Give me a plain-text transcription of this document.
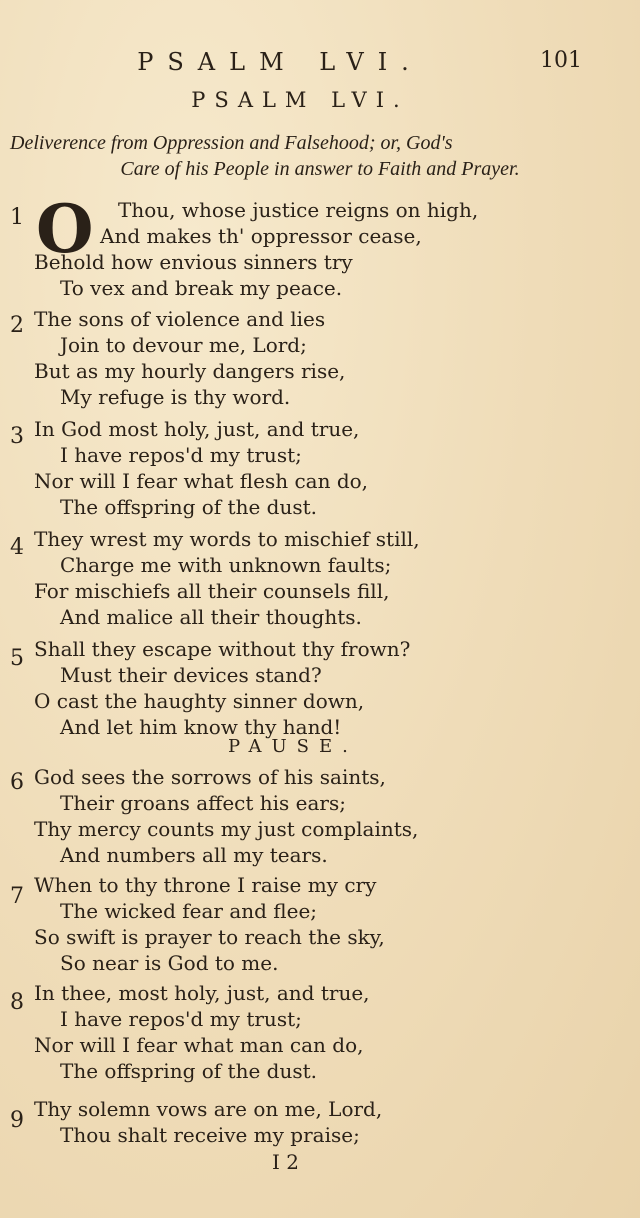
PSALM LVI.	101
PSALM LVI.
Deliverence from Oppression and Falsehood; or, God's
Care of his People in answer to Faith and Prayer.
1 O Thou, whose justice reigns on high,
And makes th' oppressor cease,
Behold how envious sinners try
To vex and break my peace.
2 The sons of violence and lies
Join to devour me, Lord;
But as my hourly dangers rise,
My refuge is thy word.
3 In God most holy, just, and true,
I have repos'd my trust;
Nor will I fear what flesh can do,
The offspring of the dust.
4 They wrest my words to mischief still,
Charge me with unknown faults;
For mischiefs all their counsels fill,
And malice all their thoughts.
5 Shall they escape without thy frown?
Must their devices stand?
O cast the haughty sinner down,
And let him know thy hand!
PAUSE.
6 God sees the sorrows of his saints,
Their groans affect his ears;
Thy mercy counts my just complaints,
And numbers all my tears.
7 When to thy throne I raise my cry
The wicked fear and flee;
So swift is prayer to reach the sky,
So near is God to me.
8 In thee, most holy, just, and true,
I have repos'd my trust;
Nor will I fear what man can do,
The offspring of the dust.
9 Thy solemn vows are on me, Lord,
Thou shalt receive my praise;
I 2
